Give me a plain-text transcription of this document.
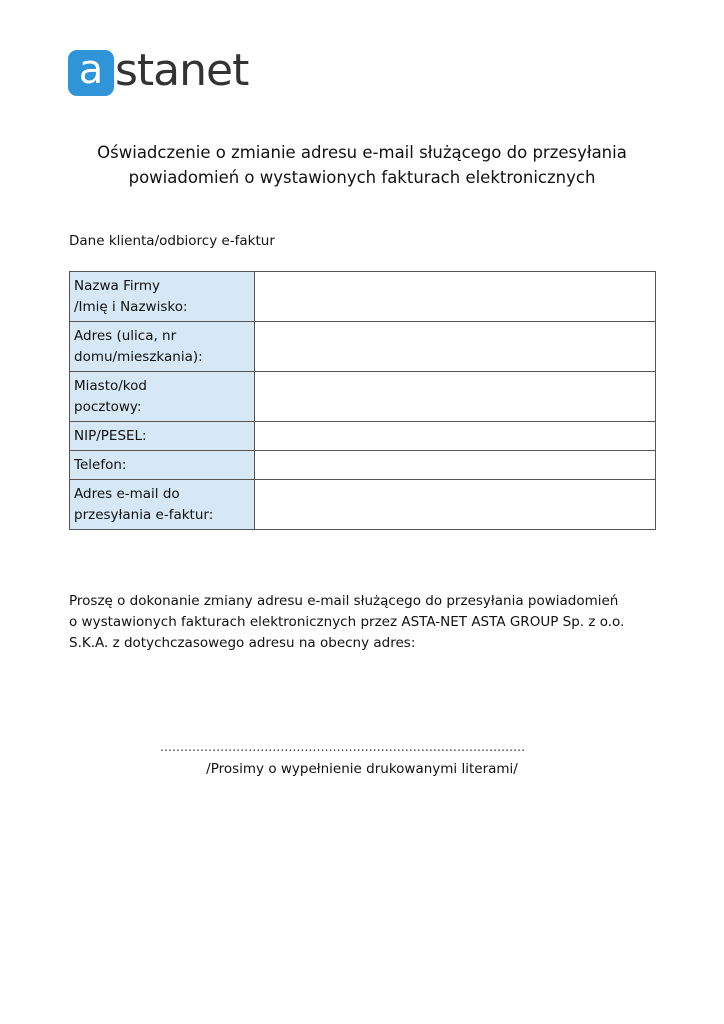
a stanet
Oświadczenie o zmianie adresu e-mail służącego do przesyłania
powiadomień o wystawionych fakturach elektronicznych
Dane klienta/odbiorcy e-faktur
Nazwa Firmy
/Imię i Nazwisko:	

Adres (ulica, nr
domu/mieszkania):	

Miasto/kod
pocztowy:	

NIP/PESEL:	

Telefon:	

Adres e-mail do
przesyłania e-faktur:	

Proszę o dokonanie zmiany adresu e-mail służącego do przesyłania powiadomień
o wystawionych fakturach elektronicznych przez ASTA-NET ASTA GROUP Sp. z o.o.
S.K.A. z dotychczasowego adresu na obecny adres:
...........................................................................................
/Prosimy o wypełnienie drukowanymi literami/
